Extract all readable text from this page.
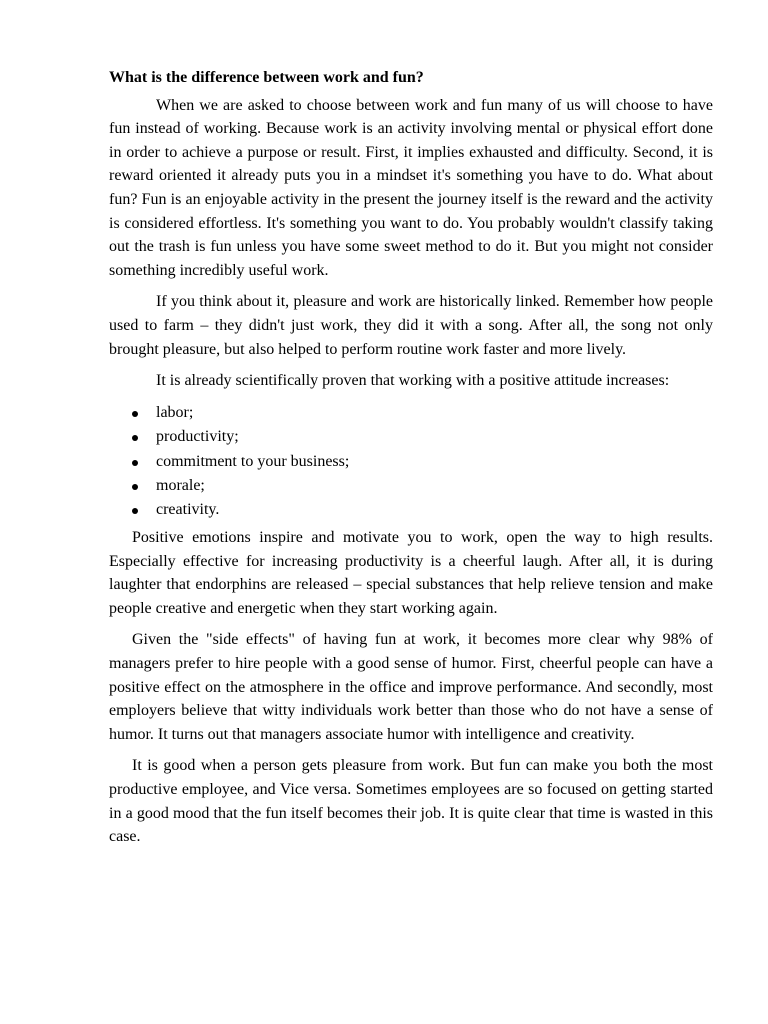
What is the difference between work and fun?

When we are asked to choose between work and fun many of us will choose to have fun instead of working. Because work is an activity involving mental or physical effort done in order to achieve a purpose or result. First, it implies exhausted and difficulty. Second, it is reward oriented it already puts you in a mindset it's something you have to do. What about fun? Fun is an enjoyable activity in the present the journey itself is the reward and the activity is considered effortless. It's something you want to do. You probably wouldn't classify taking out the trash is fun unless you have some sweet method to do it. But you might not consider something incredibly useful work.

If you think about it, pleasure and work are historically linked. Remember how people used to farm – they didn't just work, they did it with a song. After all, the song not only brought pleasure, but also helped to perform routine work faster and more lively.

It is already scientifically proven that working with a positive attitude increases:

labor;
productivity;
commitment to your business;
morale;
creativity.

Positive emotions inspire and motivate you to work, open the way to high results. Especially effective for increasing productivity is a cheerful laugh. After all, it is during laughter that endorphins are released – special substances that help relieve tension and make people creative and energetic when they start working again.

Given the "side effects" of having fun at work, it becomes more clear why 98% of managers prefer to hire people with a good sense of humor. First, cheerful people can have a positive effect on the atmosphere in the office and improve performance. And secondly, most employers believe that witty individuals work better than those who do not have a sense of humor. It turns out that managers associate humor with intelligence and creativity.

It is good when a person gets pleasure from work. But fun can make you both the most productive employee, and Vice versa. Sometimes employees are so focused on getting started in a good mood that the fun itself becomes their job. It is quite clear that time is wasted in this case.
